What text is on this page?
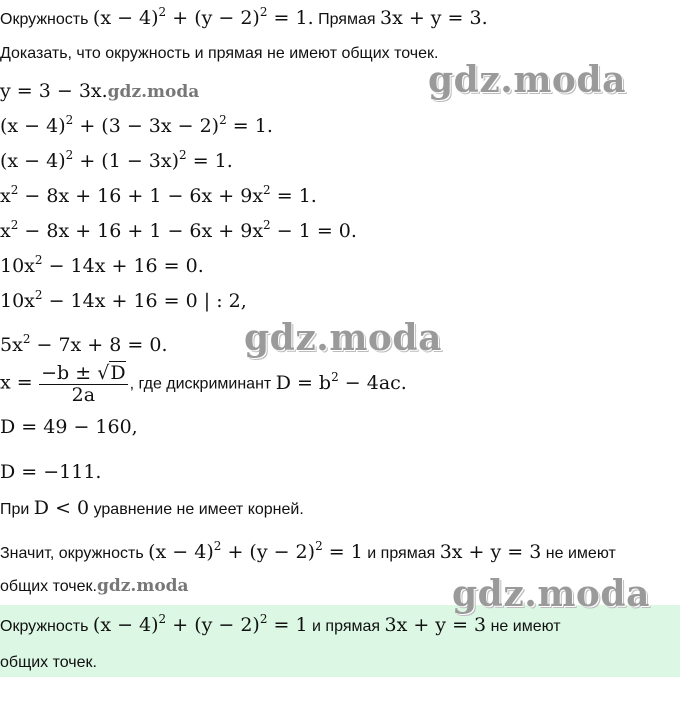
Окружность $(x - 4)^2 + (y - 2)^2 = 1$. Прямая 3x + y = 3.
Доказать, что окружность и прямая не имеют общих точек.
y = 3 − 3x.gdz.moda
$(x - 4)^2 + (3 - 3x - 2)^2 = 1$.
$(x - 4)^2 + (1 - 3x)^2 = 1$.
$x^2 - 8x + 16 + 1 - 6x + 9x^2 = 1$.
$x^2 - 8x + 16 + 1 - 6x + 9x^2 - 1 = 0$.
$10x^2 - 14x + 16 = 0$.
$10x^2 - 14x + 16 = 0$ | : 2,
$5x^2 - 7x + 8 = 0$.
$x = \frac{-b \pm √D}{2a}$ , где дискриминант $D = b^2 - 4ac$.
D = 49 − 160,
D = −111.
При D < 0 уравнение не имеет корней.
Значит, окружность $(x - 4)^2 + (y - 2)^2 = 1$ и прямая 3x + y = 3 не имеют
общих точек.gdz.moda
Окружность $(x - 4)^2 + (y - 2)^2 = 1$ и прямая 3x + y = 3 не имеют
общих точек.
gdz.moda
gdz.moda
gdz.moda
